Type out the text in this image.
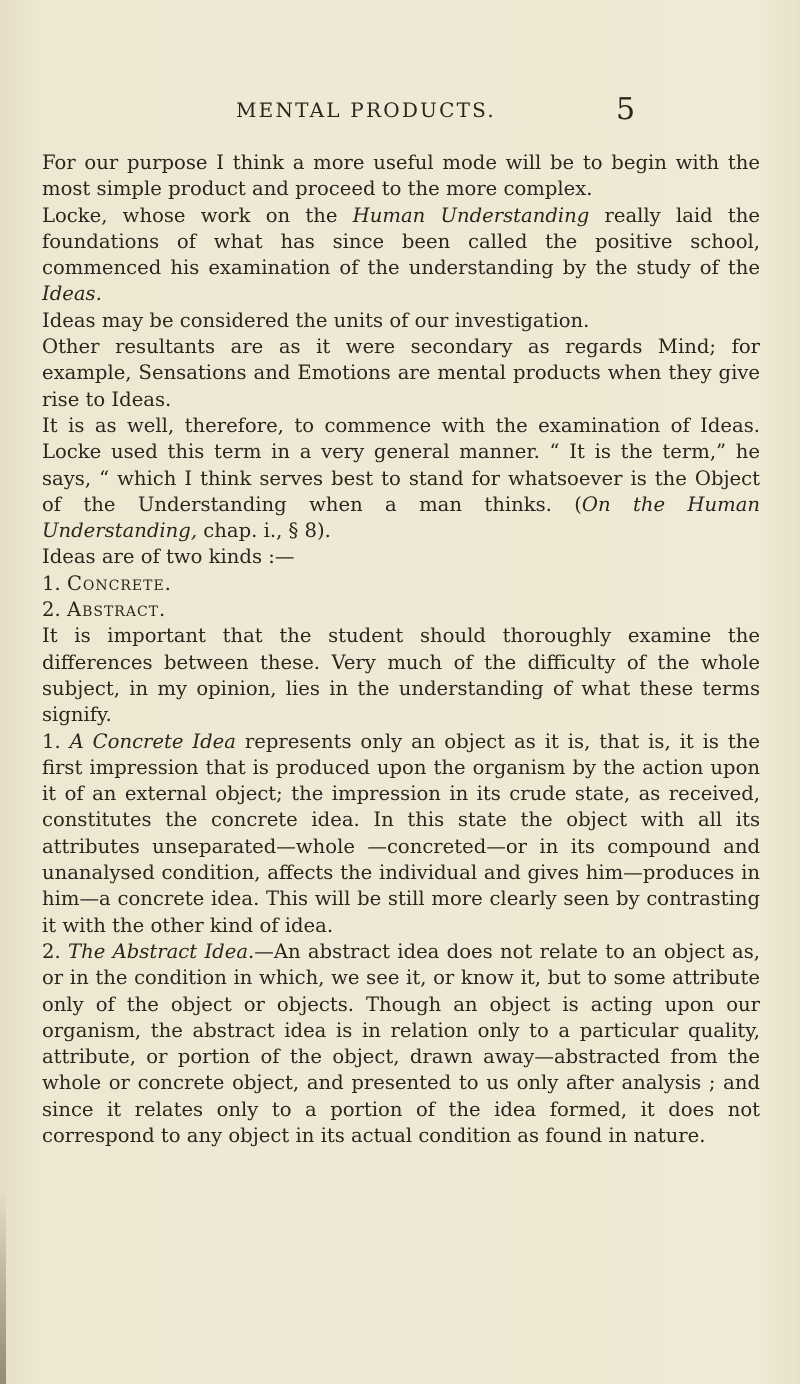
MENTAL PRODUCTS.	5

For our purpose I think a more useful mode will be to begin with the most simple product and proceed to the more complex.

Locke, whose work on the Human Understanding really laid the foundations of what has since been called the positive school, commenced his examination of the understanding by the study of the Ideas.

Ideas may be considered the units of our investigation.

Other resultants are as it were secondary as regards Mind; for example, Sensations and Emotions are mental products when they give rise to Ideas.

It is as well, therefore, to commence with the examination of Ideas. Locke used this term in a very general manner. “ It is the term,” he says, “ which I think serves best to stand for whatsoever is the Object of the Understanding when a man thinks. (On the Human Understanding, chap. i., § 8).

Ideas are of two kinds :—

1. Concrete.

2. Abstract.

It is important that the student should thoroughly examine the differences between these. Very much of the difficulty of the whole subject, in my opinion, lies in the understanding of what these terms signify.

1. A Concrete Idea represents only an object as it is, that is, it is the first impression that is produced upon the organism by the action upon it of an external object; the impression in its crude state, as received, constitutes the concrete idea. In this state the object with all its attributes unseparated—whole —concreted—or in its compound and unanalysed condition, affects the individual and gives him—produces in him—a concrete idea. This will be still more clearly seen by contrasting it with the other kind of idea.

2. The Abstract Idea.—An abstract idea does not relate to an object as, or in the condition in which, we see it, or know it, but to some attribute only of the object or objects. Though an object is acting upon our organism, the abstract idea is in relation only to a particular quality, attribute, or portion of the object, drawn away—abstracted from the whole or concrete object, and presented to us only after analysis ; and since it relates only to a portion of the idea formed, it does not correspond to any object in its actual condition as found in nature.
